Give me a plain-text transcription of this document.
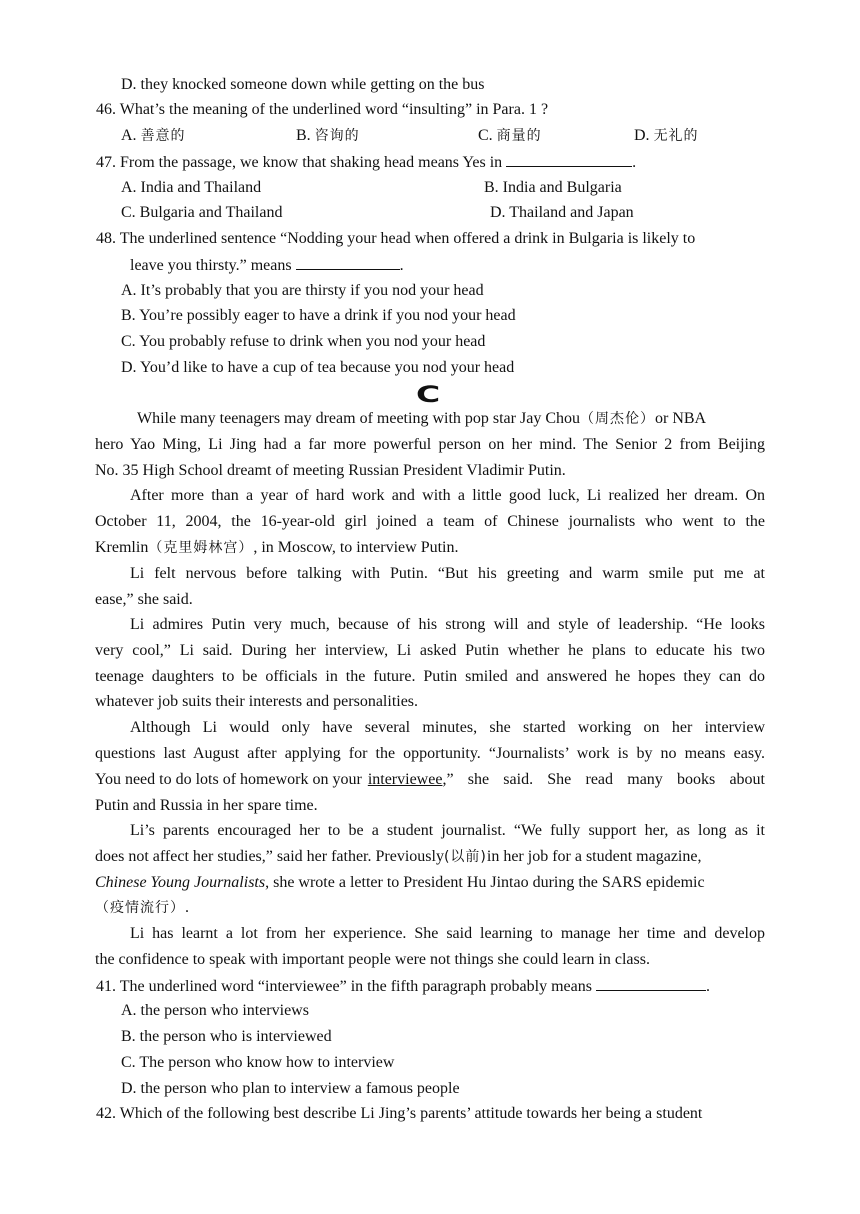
D. they knocked someone down while getting on the bus
46. What’s the meaning of the underlined word “insulting” in Para. 1 ?
A. 善意的	B. 咨询的	C. 商量的	D. 无礼的
47. From the passage, we know that shaking head means Yes in	.
A. India and Thailand	B. India and Bulgaria
C. Bulgaria and Thailand	D. Thailand and Japan
48. The underlined sentence “Nodding your head when offered a drink in Bulgaria is likely to
leave you thirsty.” means	.
A. It’s probably that you are thirsty if you nod your head
B. You’re possibly eager to have a drink if you nod your head
C. You probably refuse to drink when you nod your head
D. You’d like to have a cup of tea because you nod your head
C
While many teenagers may dream of meeting with pop star Jay Chou（周杰伦）or NBA
hero Yao Ming, Li Jing had a far more powerful person on her mind. The Senior 2 from Beijing
No. 35 High School dreamt of meeting Russian President Vladimir Putin.
After more than a year of hard work and with a little good luck, Li realized her dream. On
October 11, 2004, the 16-year-old girl joined a team of Chinese journalists who went to the
Kremlin（克里姆林宫）, in Moscow, to interview Putin.
Li felt nervous before talking with Putin. “But his greeting and warm smile put me at
ease,” she said.
Li admires Putin very much, because of his strong will and style of leadership. “He looks
very cool,” Li said. During her interview, Li asked Putin whether he plans to educate his two
teenage daughters to be officials in the future. Putin smiled and answered he hopes they can do
whatever job suits their interests and personalities.
Although Li would only have several minutes, she started working on her interview
questions last August after applying for the opportunity. “Journalists’ work is by no means easy.
You need to do lots of homework on your interviewee ,” she said. She read many books about
Putin and Russia in her spare time.
Li’s parents encouraged her to be a student journalist. “We fully support her, as long as it
does not affect her studies,” said her father. Previously(以前)in her job for a student magazine,
Chinese Young Journalists, she wrote a letter to President Hu Jintao during the SARS epidemic
（疫情流行）.
Li has learnt a lot from her experience. She said learning to manage her time and develop
the confidence to speak with important people were not things she could learn in class.
41. The underlined word “interviewee” in the fifth paragraph probably means	.
A. the person who interviews
B. the person who is interviewed
C. The person who know how to interview
D. the person who plan to interview a famous people
42. Which of the following best describe Li Jing’s parents’ attitude towards her being a student
